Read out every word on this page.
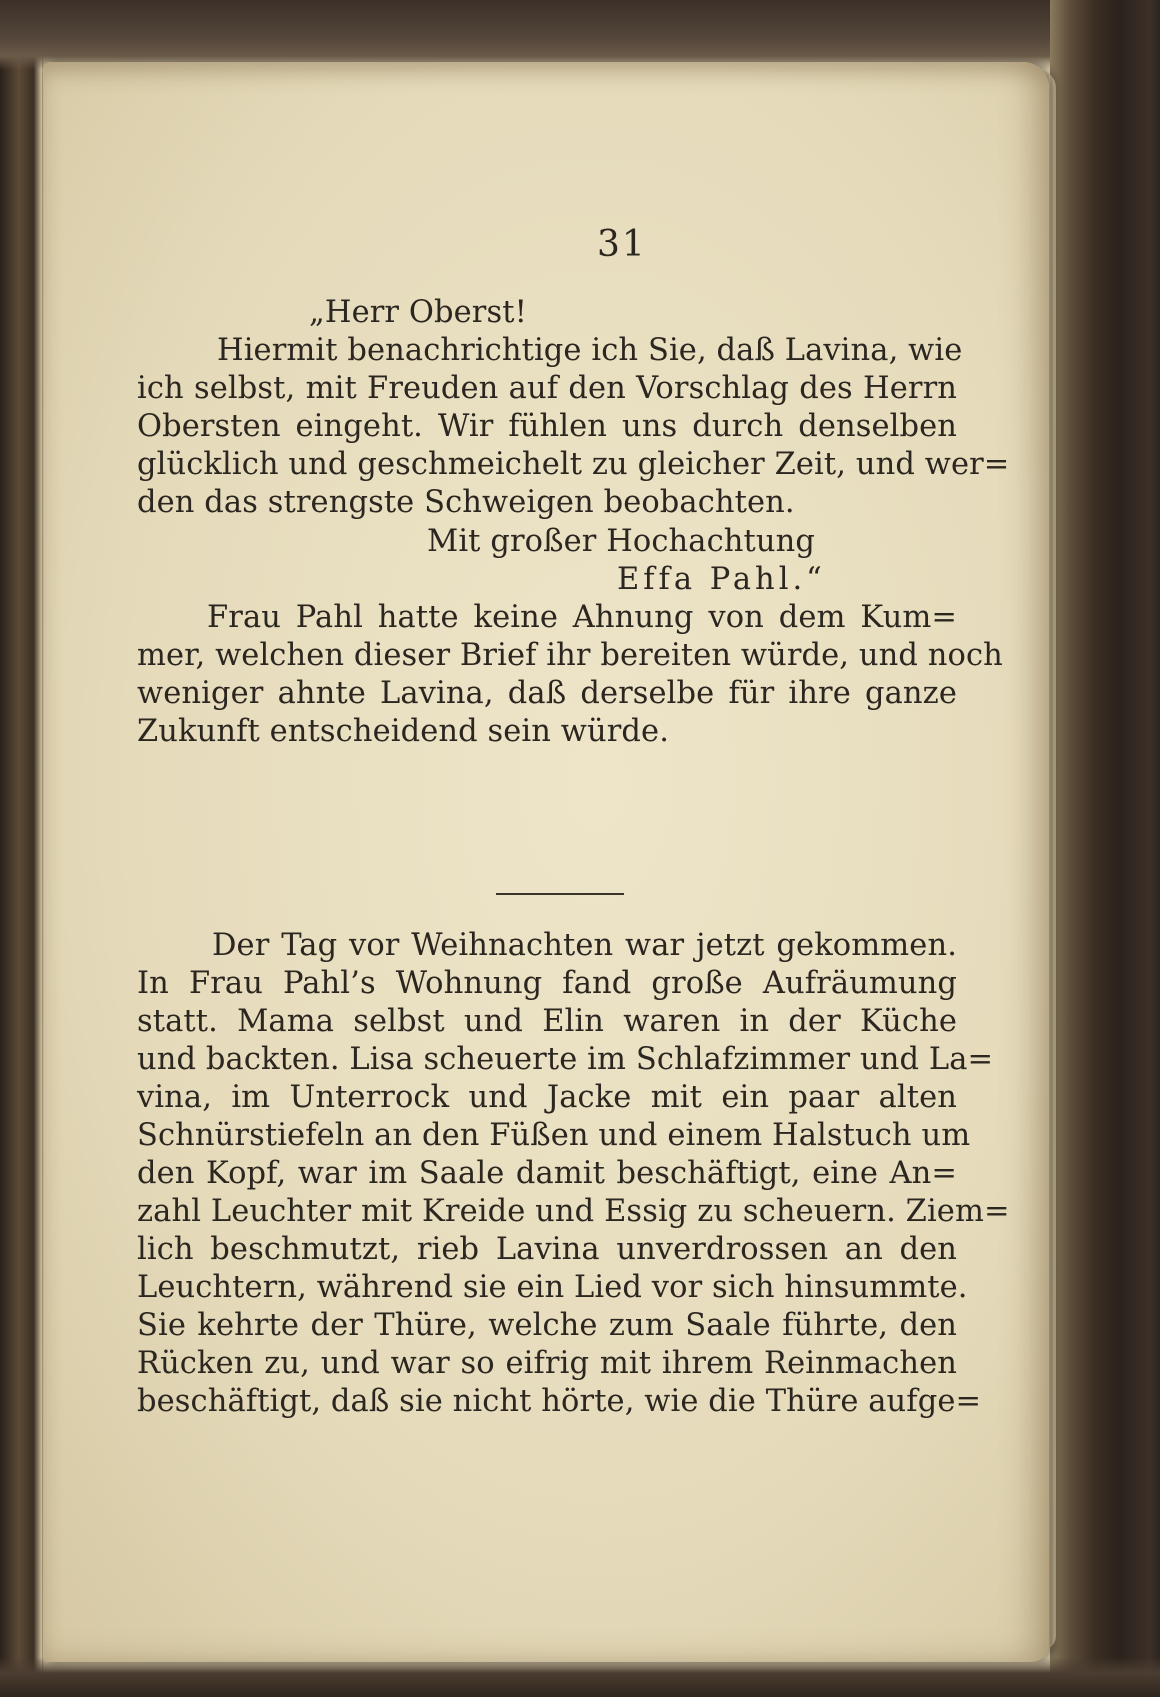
31
„Herr Oberst!
Hiermit benachrichtige ich Sie, daß Lavina, wie
ich selbst, mit Freuden auf den Vorschlag des Herrn
Obersten eingeht. Wir fühlen uns durch denselben
glücklich und geschmeichelt zu gleicher Zeit, und wer=
den das strengste Schweigen beobachten.
Mit großer Hochachtung
Effa Pahl.“
Frau Pahl hatte keine Ahnung von dem Kum=
mer, welchen dieser Brief ihr bereiten würde, und noch
weniger ahnte Lavina, daß derselbe für ihre ganze
Zukunft entscheidend sein würde.
Der Tag vor Weihnachten war jetzt gekommen.
In Frau Pahl’s Wohnung fand große Aufräumung
statt. Mama selbst und Elin waren in der Küche
und backten. Lisa scheuerte im Schlafzimmer und La=
vina, im Unterrock und Jacke mit ein paar alten
Schnürstiefeln an den Füßen und einem Halstuch um
den Kopf, war im Saale damit beschäftigt, eine An=
zahl Leuchter mit Kreide und Essig zu scheuern. Ziem=
lich beschmutzt, rieb Lavina unverdrossen an den
Leuchtern, während sie ein Lied vor sich hinsummte.
Sie kehrte der Thüre, welche zum Saale führte, den
Rücken zu, und war so eifrig mit ihrem Reinmachen
beschäftigt, daß sie nicht hörte, wie die Thüre aufge=
